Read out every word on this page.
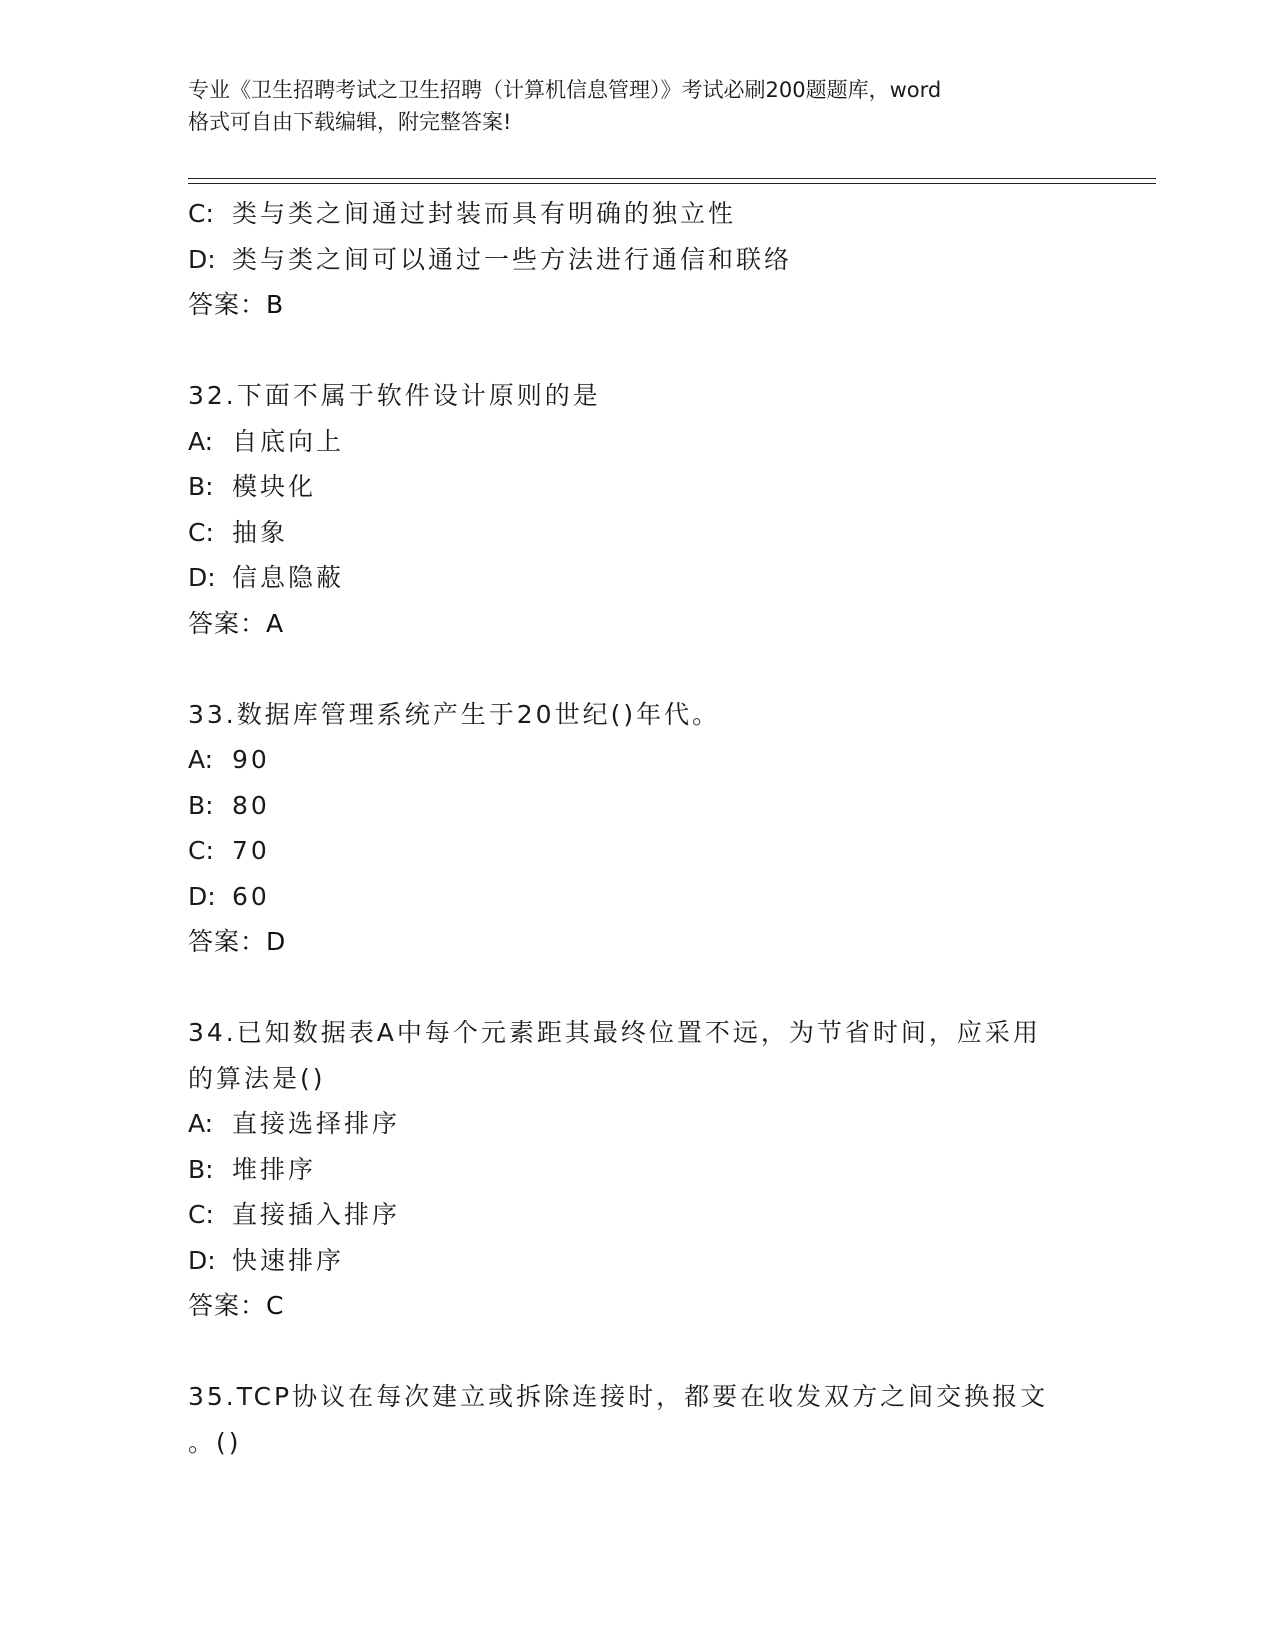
专业《卫生招聘考试之卫生招聘（计算机信息管理）》考试必刷200题题库，word
格式可自由下载编辑，附完整答案!
C: 类与类之间通过封装而具有明确的独立性
D: 类与类之间可以通过一些方法进行通信和联络
答案：B
32.下面不属于软件设计原则的是
A: 自底向上
B: 模块化
C: 抽象
D: 信息隐蔽
答案：A
33.数据库管理系统产生于20世纪()年代。
A: 90
B: 80
C: 70
D: 60
答案：D
34.已知数据表A中每个元素距其最终位置不远，为节省时间，应采用
的算法是()
A: 直接选择排序
B: 堆排序
C: 直接插入排序
D: 快速排序
答案：C
35.TCP协议在每次建立或拆除连接时，都要在收发双方之间交换报文
。()
